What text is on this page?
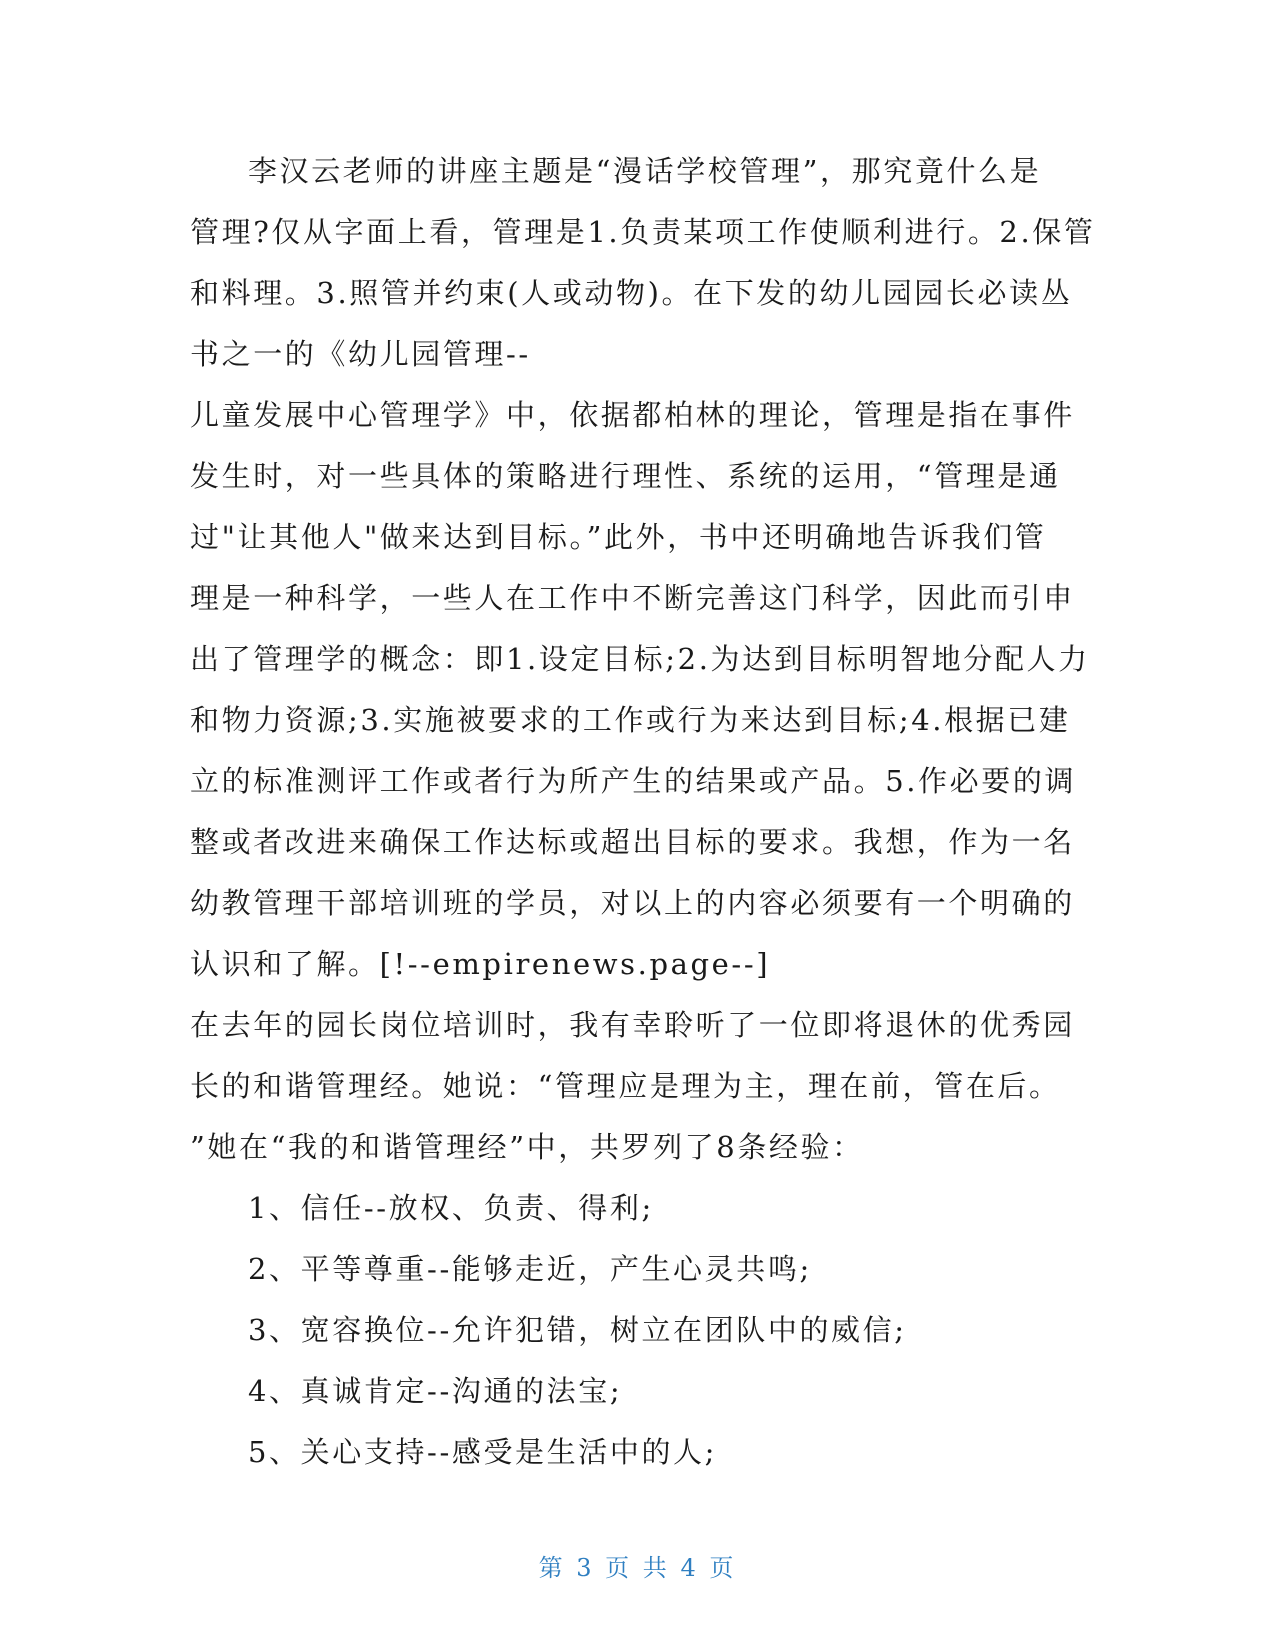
李汉云老师的讲座主题是“漫话学校管理”，那究竟什么是
管理?仅从字面上看，管理是1.负责某项工作使顺利进行。2.保管
和料理。3.照管并约束(人或动物)。在下发的幼儿园园长必读丛
书之一的《幼儿园管理--
儿童发展中心管理学》中，依据都柏林的理论，管理是指在事件
发生时，对一些具体的策略进行理性、系统的运用，“管理是通
过"让其他人"做来达到目标。”此外，书中还明确地告诉我们管
理是一种科学，一些人在工作中不断完善这门科学，因此而引申
出了管理学的概念：即1.设定目标;2.为达到目标明智地分配人力
和物力资源;3.实施被要求的工作或行为来达到目标;4.根据已建
立的标准测评工作或者行为所产生的结果或产品。5.作必要的调
整或者改进来确保工作达标或超出目标的要求。我想，作为一名
幼教管理干部培训班的学员，对以上的内容必须要有一个明确的
认识和了解。[!--empirenews.page--]
在去年的园长岗位培训时，我有幸聆听了一位即将退休的优秀园
长的和谐管理经。她说：“管理应是理为主，理在前，管在后。
”她在“我的和谐管理经”中，共罗列了8条经验：
1、信任--放权、负责、得利;
2、平等尊重--能够走近，产生心灵共鸣;
3、宽容换位--允许犯错，树立在团队中的威信;
4、真诚肯定--沟通的法宝;
5、关心支持--感受是生活中的人;
第 3 页 共 4 页
